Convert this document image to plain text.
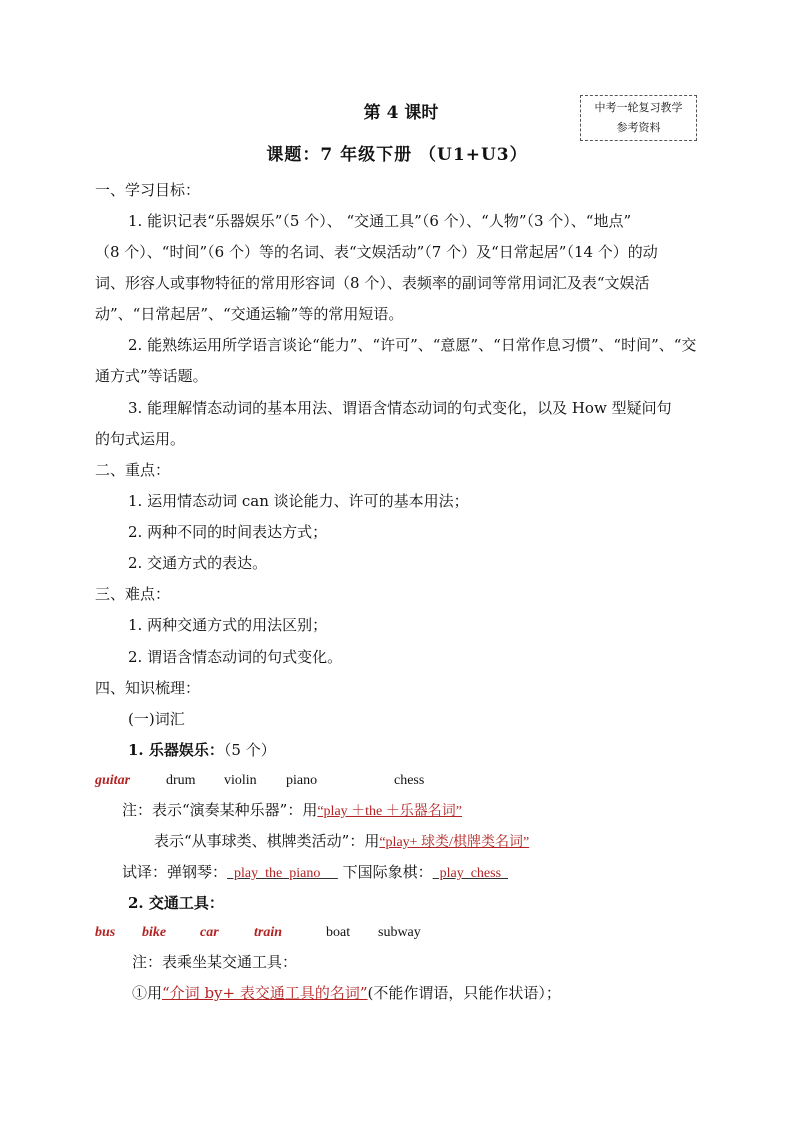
中考一轮复习教学
参考资料
第 4 课时
课题：7 年级下册 （U1+U3）
一、学习目标：
1. 能识记表“乐器娱乐”（5 个）、 “交通工具”（6 个）、“人物”（3 个）、“地点”
（8 个）、“时间”（6 个）等的名词、表“文娱活动”（7 个）及“日常起居”（14 个）的动
词、形容人或事物特征的常用形容词（8 个）、表频率的副词等常用词汇及表“文娱活
动”、“日常起居”、“交通运输”等的常用短语。
2. 能熟练运用所学语言谈论“能力”、“许可”、“意愿”、“日常作息习惯”、“时间”、“交
通方式”等话题。
3. 能理解情态动词的基本用法、谓语含情态动词的句式变化，以及 How 型疑问句
的句式运用。
二、重点：
1. 运用情态动词 can 谈论能力、许可的基本用法；
2. 两种不同的时间表达方式；
2. 交通方式的表达。
三、难点：
1. 两种交通方式的用法区别；
2. 谓语含情态动词的句式变化。
四、知识梳理：
(一)词汇
1. 乐器娱乐：（5 个）
guitar	drum violin piano	chess
注：表示“演奏某种乐器”：用“play ＋the ＋乐器名词”
表示“从事球类、棋牌类活动”：用“play+ 球类/棋牌类名词”
试译：弹钢琴：  play  the  piano      下国际象棋：  play  chess
2. 交通工具：
bus bike car	train	boat subway
注：表乘坐某交通工具：
①用“介词 by+ 表交通工具的名词”(不能作谓语，只能作状语）；
